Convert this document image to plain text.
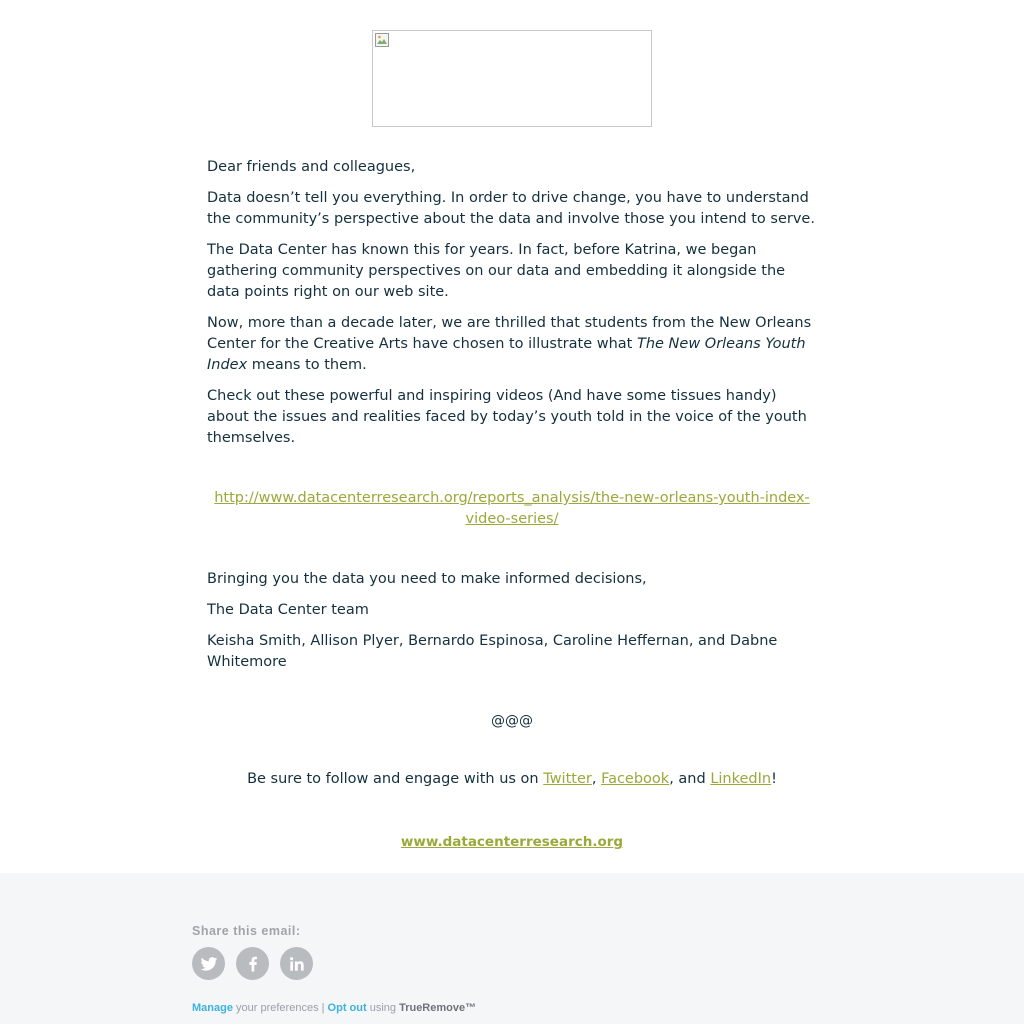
Dear friends and colleagues,

Data doesn’t tell you everything. In order to drive change, you have to understand the community’s perspective about the data and involve those you intend to serve.

The Data Center has known this for years. In fact, before Katrina, we began gathering community perspectives on our data and embedding it alongside the data points right on our web site.

Now, more than a decade later, we are thrilled that students from the New Orleans Center for the Creative Arts have chosen to illustrate what The New Orleans Youth Index means to them.

Check out these powerful and inspiring videos (And have some tissues handy) about the issues and realities faced by today’s youth told in the voice of the youth themselves.

http://www.datacenterresearch.org/reports_analysis/the-new-orleans-youth-index-video-series/

Bringing you the data you need to make informed decisions,

The Data Center team

Keisha Smith, Allison Plyer, Bernardo Espinosa, Caroline Heffernan, and Dabne Whitemore

@@@
Be sure to follow and engage with us on Twitter, Facebook, and LinkedIn!
www.datacenterresearch.org
Share this email:
Manage your preferences | Opt out using TrueRemove™
